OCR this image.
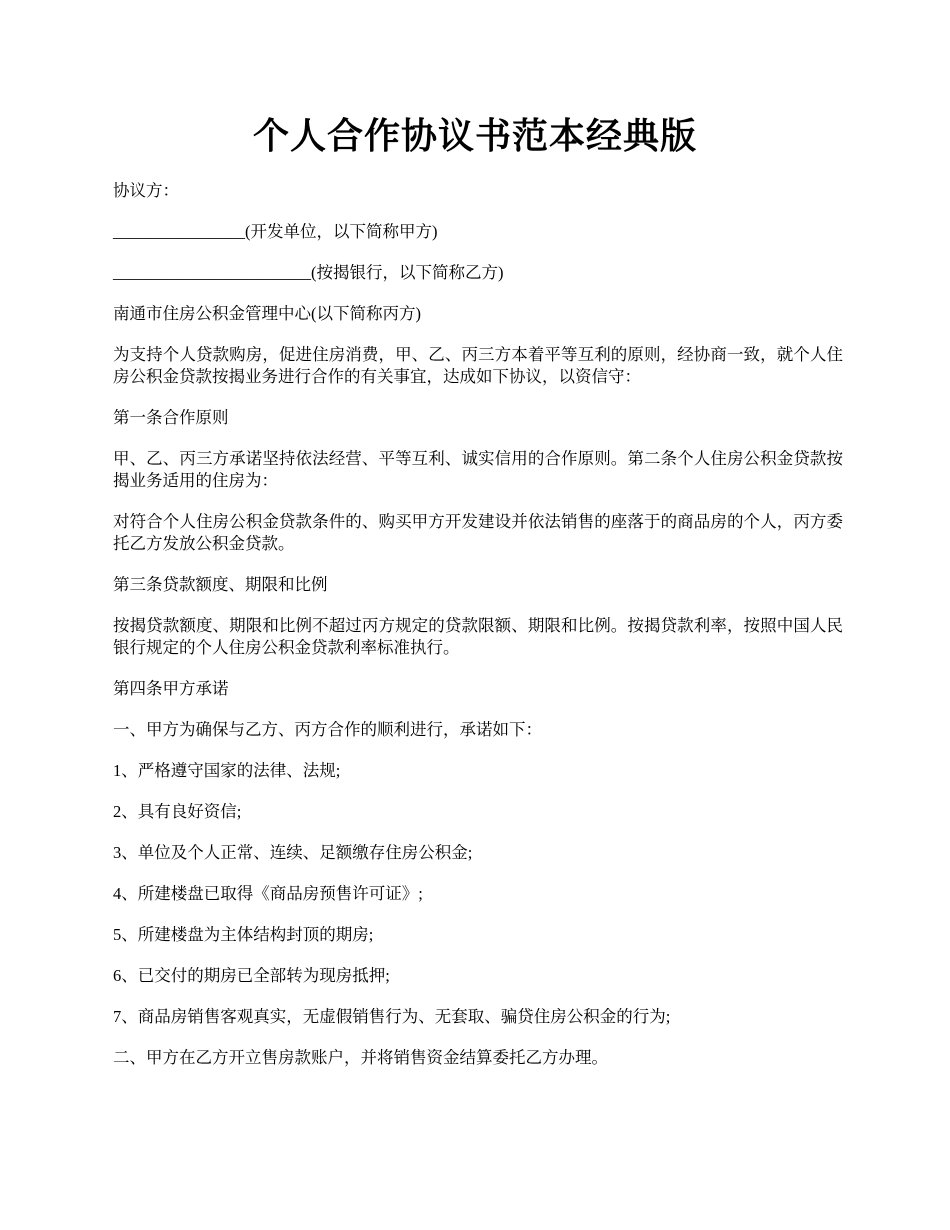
个人合作协议书范本经典版

协议方：

________________(开发单位，以下简称甲方)

________________________(按揭银行，以下简称乙方)

南通市住房公积金管理中心(以下简称丙方)

为支持个人贷款购房，促进住房消费，甲、乙、丙三方本着平等互利的原则，经协商一致，就个人住房公积金贷款按揭业务进行合作的有关事宜，达成如下协议，以资信守：

第一条合作原则

甲、乙、丙三方承诺坚持依法经营、平等互利、诚实信用的合作原则。第二条个人住房公积金贷款按揭业务适用的住房为：

对符合个人住房公积金贷款条件的、购买甲方开发建设并依法销售的座落于的商品房的个人，丙方委托乙方发放公积金贷款。

第三条贷款额度、期限和比例

按揭贷款额度、期限和比例不超过丙方规定的贷款限额、期限和比例。按揭贷款利率，按照中国人民银行规定的个人住房公积金贷款利率标准执行。

第四条甲方承诺

一、甲方为确保与乙方、丙方合作的顺利进行，承诺如下：

1、严格遵守国家的法律、法规;

2、具有良好资信;

3、单位及个人正常、连续、足额缴存住房公积金;

4、所建楼盘已取得《商品房预售许可证》;

5、所建楼盘为主体结构封顶的期房;

6、已交付的期房已全部转为现房抵押;

7、商品房销售客观真实，无虚假销售行为、无套取、骗贷住房公积金的行为;

二、甲方在乙方开立售房款账户，并将销售资金结算委托乙方办理。
